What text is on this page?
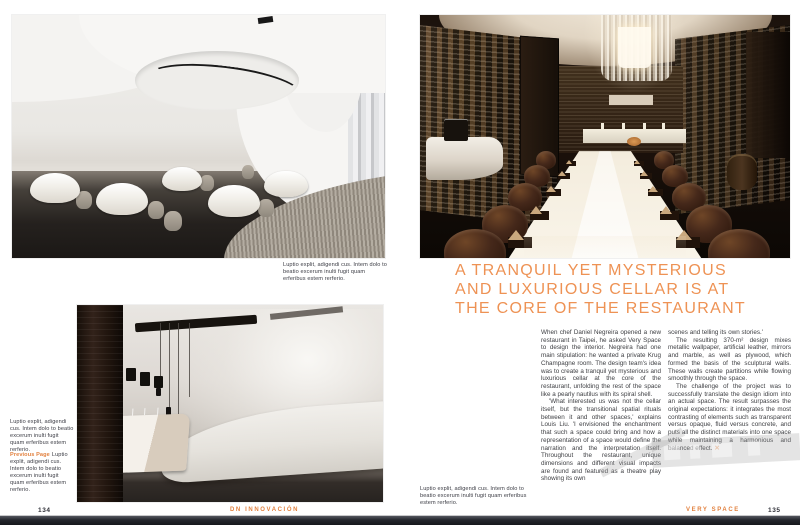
Luptio explit, adigendi cus. Intem dolo to beatio excerum inulti fugit quam erferibus estem rerferio.
Luptio explit, adigendi cus. Intem dolo to beatio excerum inulti fugit quam erferibus estem rerferio.
Previous Page Luptio explit, adigendi cus. Intem dolo to beatio excerum inulti fugit quam erferibus estem rerferio.
A TRANQUIL YET MYSTERIOUS
AND LUXURIOUS CELLAR IS AT
THE CORE OF THE RESTAURANT

When chef Daniel Negreira opened a new restaurant in Taipei, he asked Very Space to design the interior. Negreira had one main stipulation: he wanted a private Krug Champagne room. The design team's idea was to create a tranquil yet mysterious and luxurious cellar at the core of the restaurant, unfolding the rest of the space like a pearly nautilus with its spiral shell.

'What interested us was not the cellar itself, but the transitional spatial rituals between it and other spaces,' explains Louis Liu. 'I envisioned the enchantment that such a space could bring and how a representation of a space would define the narration and the interpretation itself. Throughout the restaurant, unique dimensions and different visual impacts are found and featured as a theatre play showing its own

scenes and telling its own stories.'

The resulting 370-m² design mixes metallic wallpaper, artificial leather, mirrors and marble, as well as plywood, which formed the basis of the sculptural walls. These walls create partitions while flowing smoothly through the space.

The challenge of the project was to successfully translate the design idiom into an actual space. The result surpasses the original expectations: it integrates the most contrasting of elements such as transparent versus opaque, fluid versus concrete, and puts all the distinct materials into one space while maintaining a harmonious and balanced effect. ✕

Luptio explit, adigendi cus. Intem dolo to beatio excerum inulti fugit quam erferibus estem rerferio.
134	DN INNOVACIÓN	VERY SPACE	135
